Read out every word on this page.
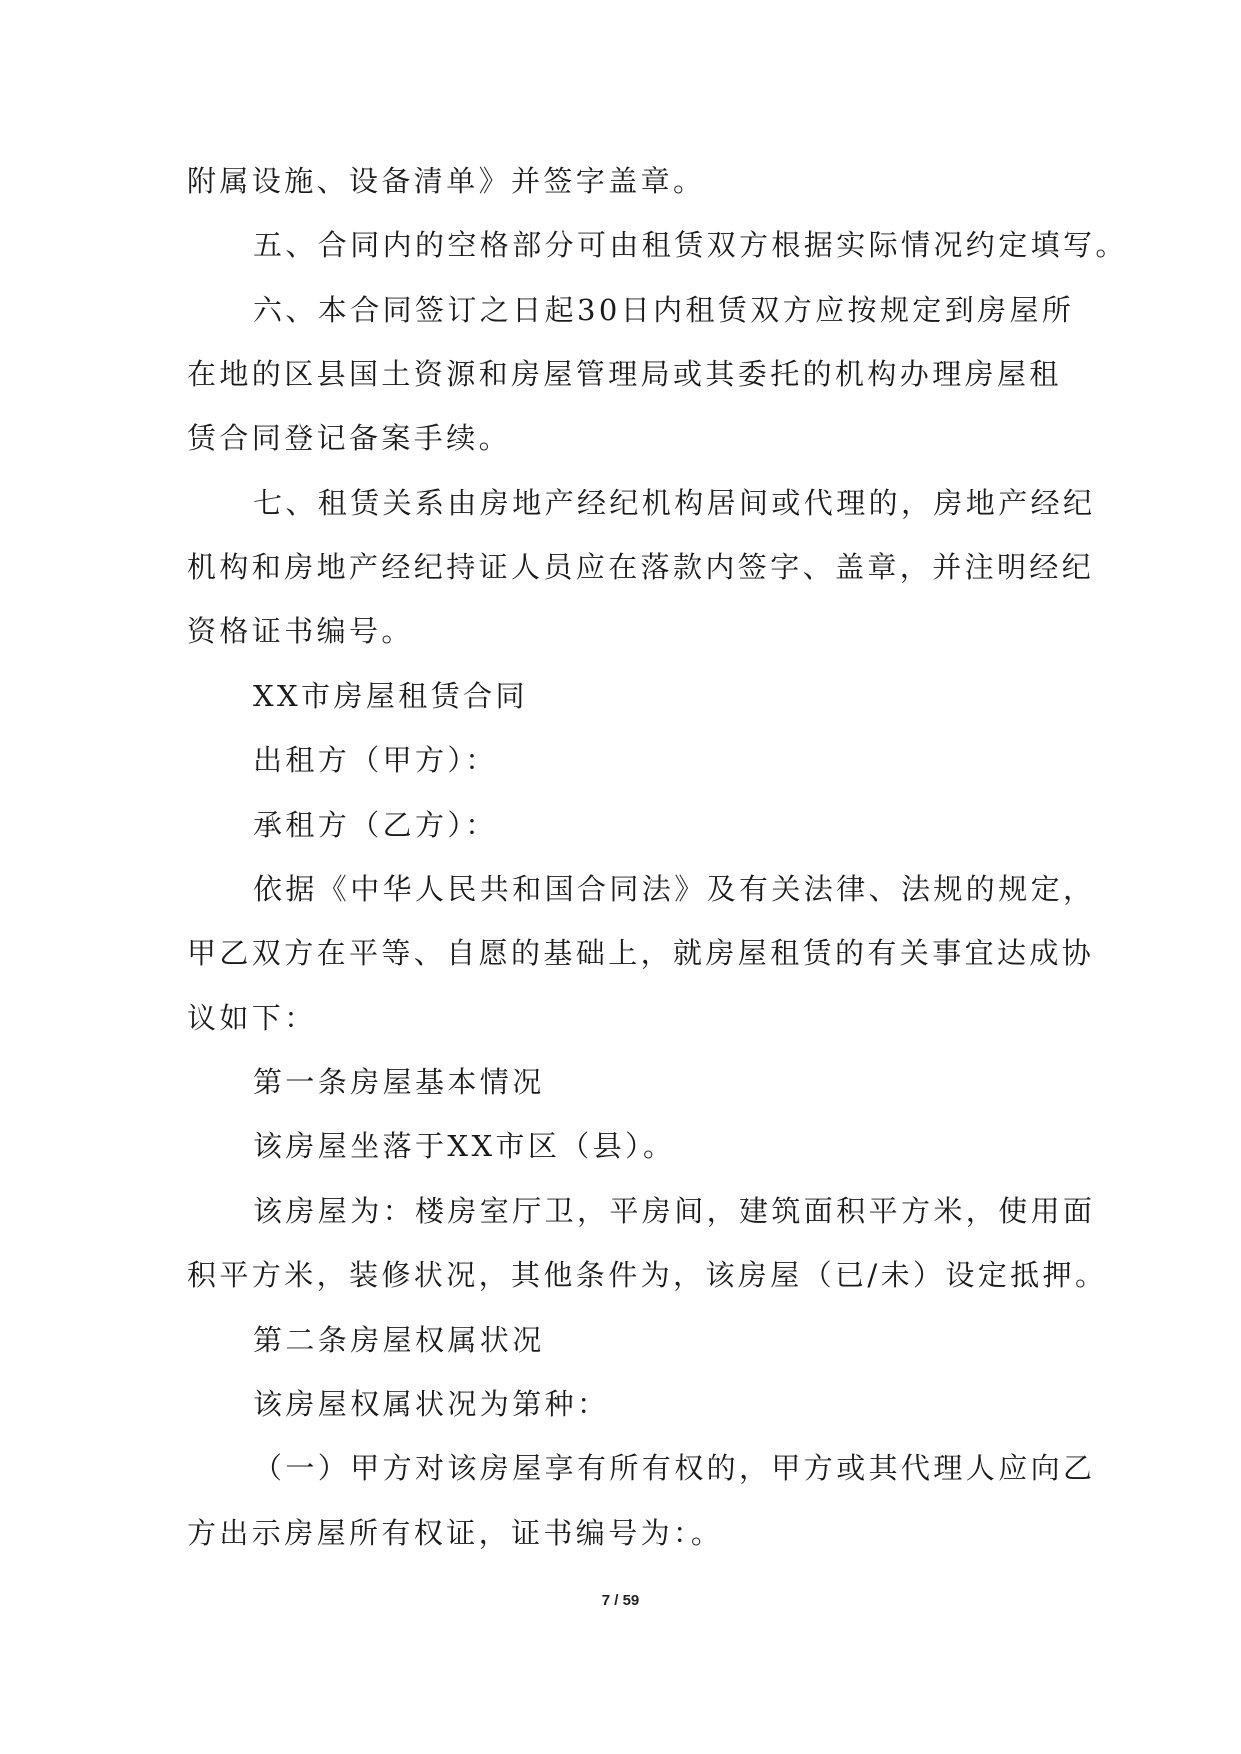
附属设施、设备清单》并签字盖章。
五、合同内的空格部分可由租赁双方根据实际情况约定填写。
六、本合同签订之日起30日内租赁双方应按规定到房屋所
在地的区县国土资源和房屋管理局或其委托的机构办理房屋租
赁合同登记备案手续。
七、租赁关系由房地产经纪机构居间或代理的，房地产经纪
机构和房地产经纪持证人员应在落款内签字、盖章，并注明经纪
资格证书编号。
XX市房屋租赁合同
出租方（甲方）：
承租方（乙方）：
依据《中华人民共和国合同法》及有关法律、法规的规定，
甲乙双方在平等、自愿的基础上，就房屋租赁的有关事宜达成协
议如下：
第一条房屋基本情况
该房屋坐落于XX市区（县）。
该房屋为：楼房室厅卫，平房间，建筑面积平方米，使用面
积平方米，装修状况，其他条件为，该房屋（已/未）设定抵押。
第二条房屋权属状况
该房屋权属状况为第种：
（一）甲方对该房屋享有所有权的，甲方或其代理人应向乙
方出示房屋所有权证，证书编号为：。
7 / 59
